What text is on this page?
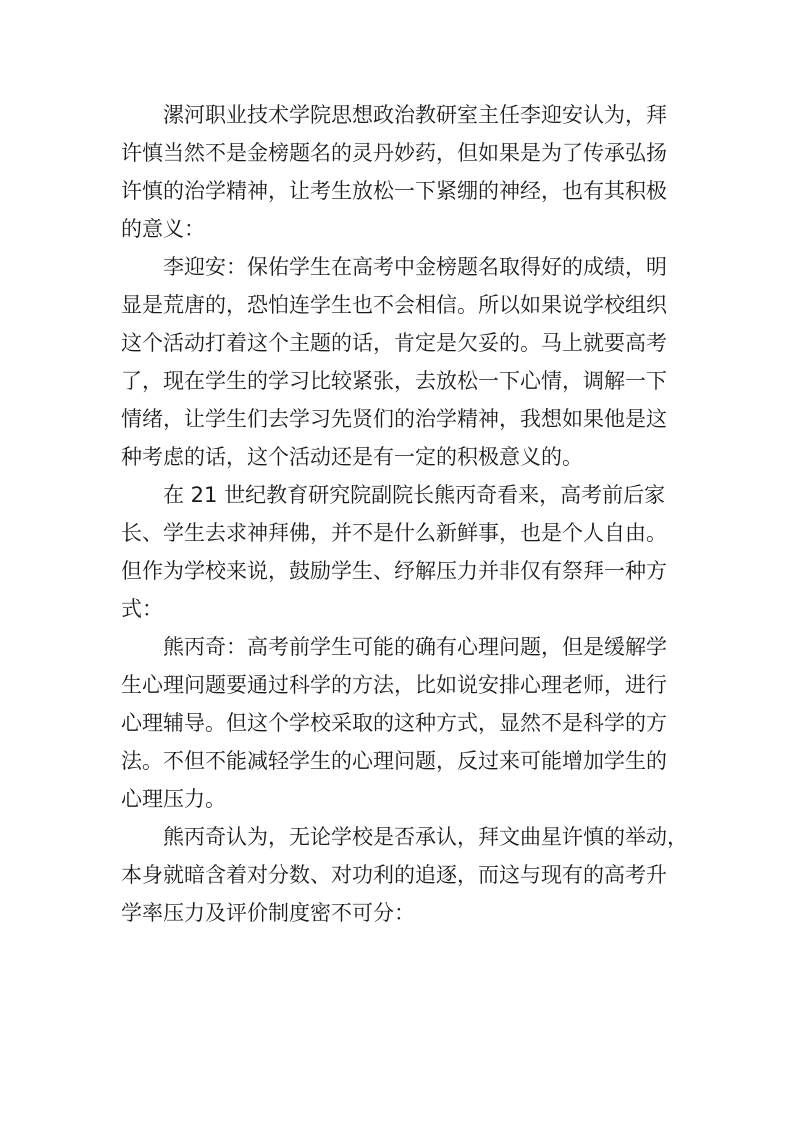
漯河职业技术学院思想政治教研室主任李迎安认为，拜
许慎当然不是金榜题名的灵丹妙药，但如果是为了传承弘扬
许慎的治学精神，让考生放松一下紧绷的神经，也有其积极
的意义：
李迎安：保佑学生在高考中金榜题名取得好的成绩，明
显是荒唐的，恐怕连学生也不会相信。所以如果说学校组织
这个活动打着这个主题的话，肯定是欠妥的。马上就要高考
了，现在学生的学习比较紧张，去放松一下心情，调解一下
情绪，让学生们去学习先贤们的治学精神，我想如果他是这
种考虑的话，这个活动还是有一定的积极意义的。
在 21 世纪教育研究院副院长熊丙奇看来，高考前后家
长、学生去求神拜佛，并不是什么新鲜事，也是个人自由。
但作为学校来说，鼓励学生、纾解压力并非仅有祭拜一种方
式：
熊丙奇：高考前学生可能的确有心理问题，但是缓解学
生心理问题要通过科学的方法，比如说安排心理老师，进行
心理辅导。但这个学校采取的这种方式，显然不是科学的方
法。不但不能减轻学生的心理问题，反过来可能增加学生的
心理压力。
熊丙奇认为，无论学校是否承认，拜文曲星许慎的举动，
本身就暗含着对分数、对功利的追逐，而这与现有的高考升
学率压力及评价制度密不可分：
